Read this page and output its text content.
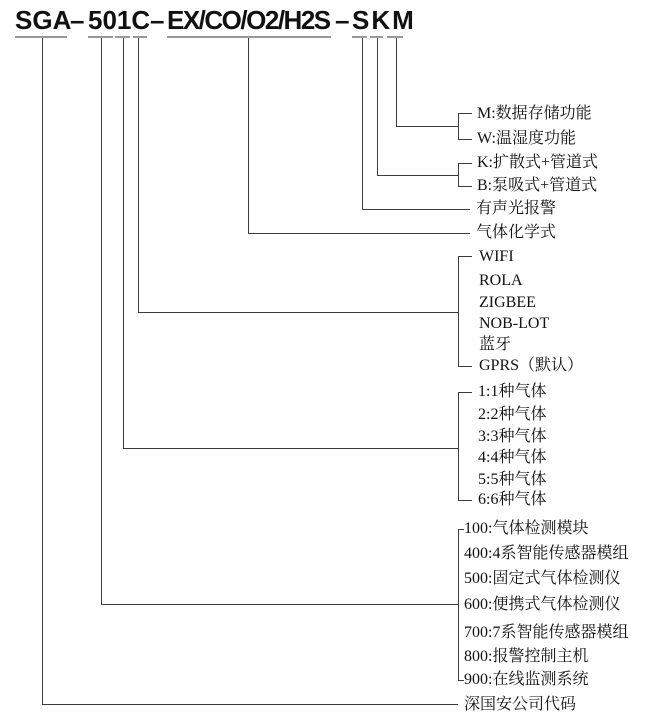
SGA
– 501C – EX/CO/O2/H2S – SKM
M:数据存储功能
W:温湿度功能
K:扩散式+管道式
B:泵吸式+管道式
有声光报警
气体化学式
WIFI
ROLA
ZIGBEE
NOB-LOT
蓝牙
GPRS（默认）
1:1种气体
2:2种气体
3:3种气体
4:4种气体
5:5种气体
6:6种气体
100:气体检测模块
400:4系智能传感器模组
500:固定式气体检测仪
600:便携式气体检测仪
700:7系智能传感器模组
800:报警控制主机
900:在线监测系统
深国安公司代码
